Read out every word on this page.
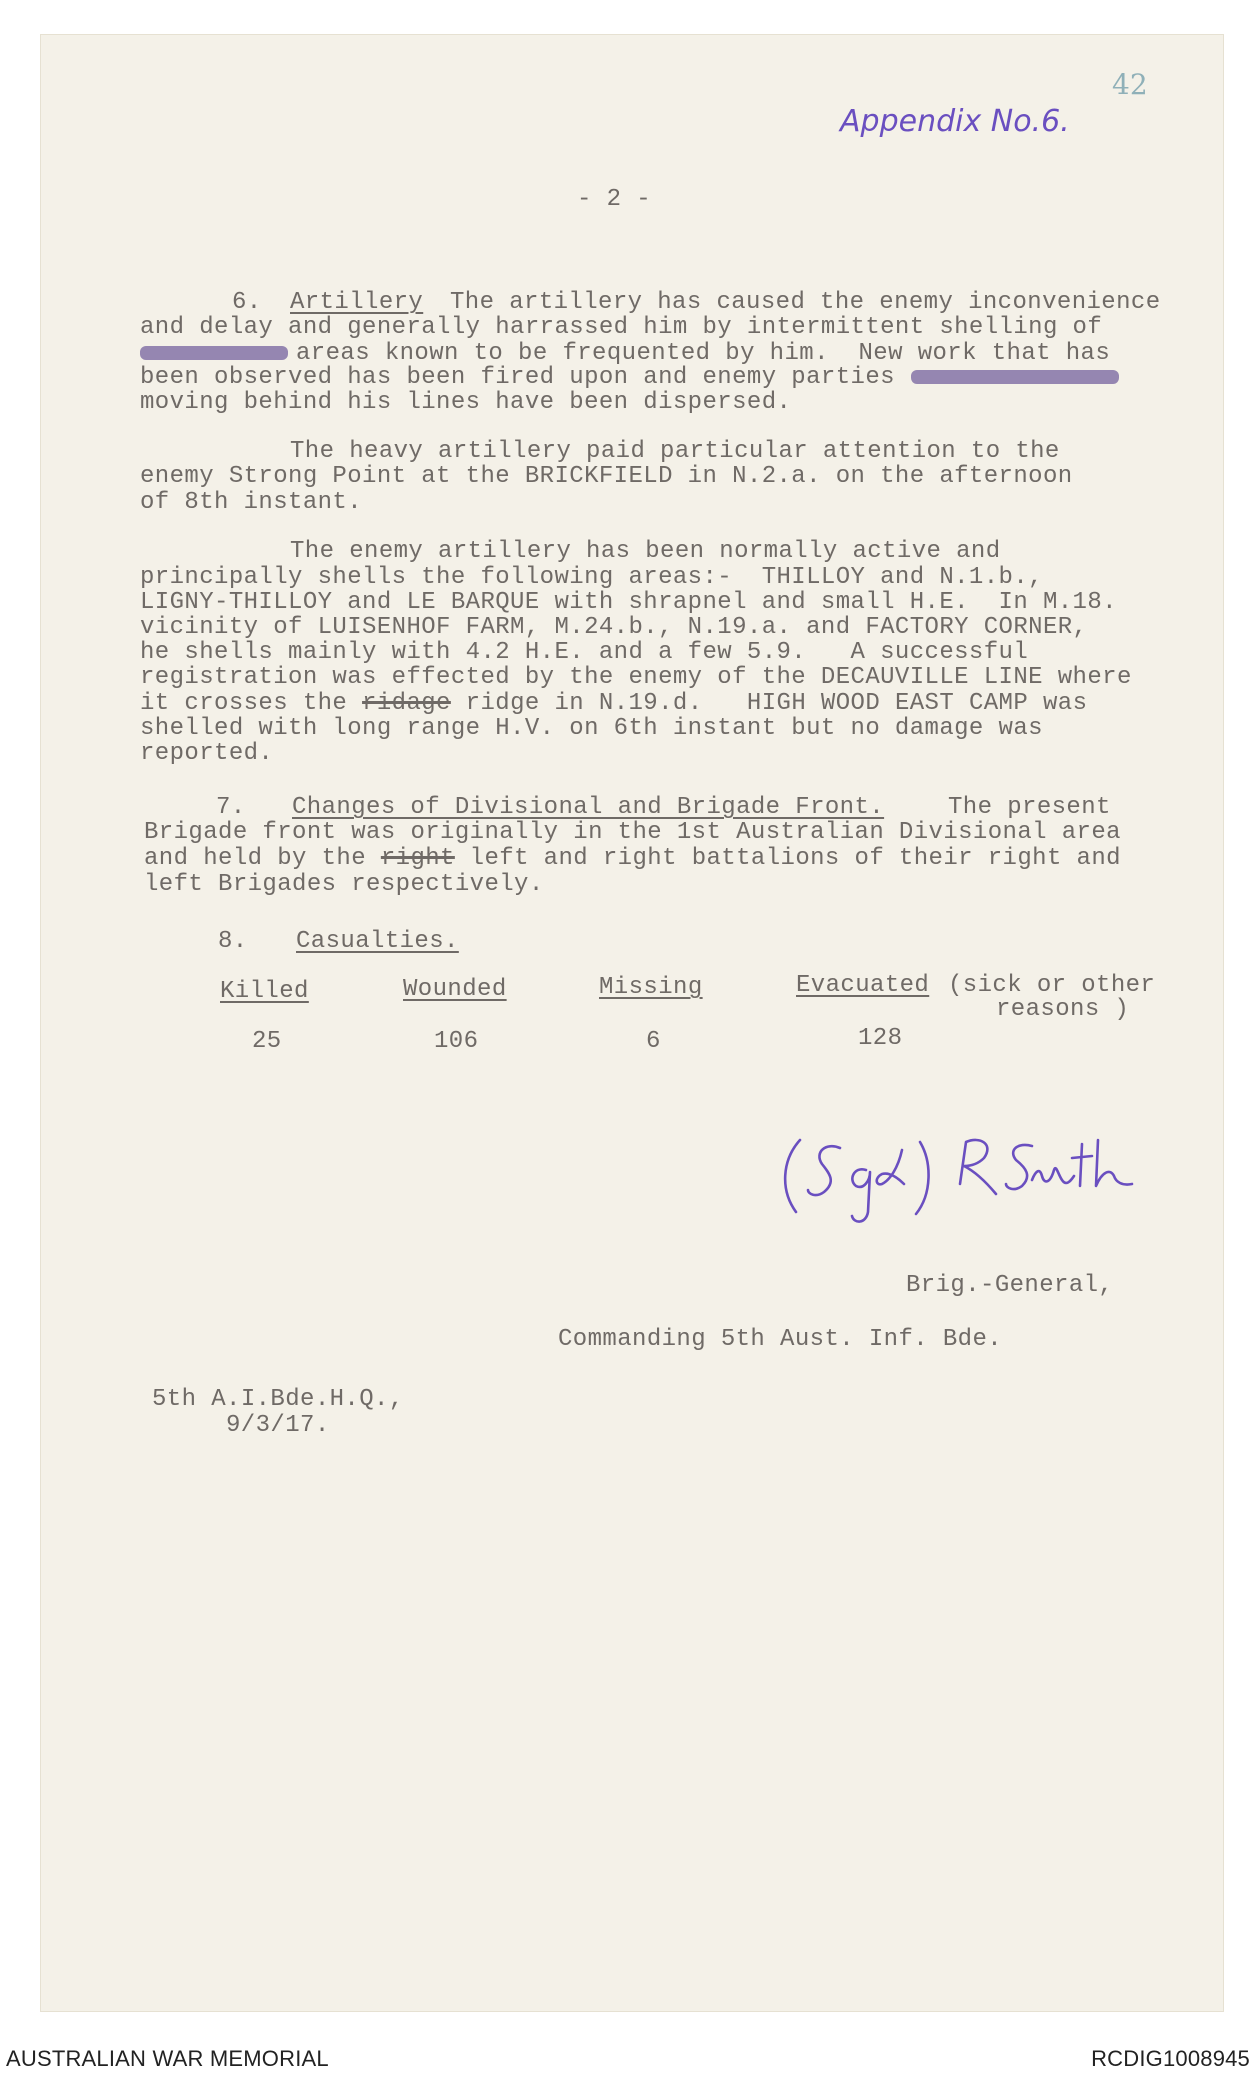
42
Appendix No.6.
- 2 -
6. Artillery The artillery has caused the enemy inconvenience
and delay and generally harrassed him by intermittent shelling of
areas known to be frequented by him.  New work that has
been observed has been fired upon and enemy parties
moving behind his lines have been dispersed.
The heavy artillery paid particular attention to the
enemy Strong Point at the BRICKFIELD in N.2.a. on the afternoon
of 8th instant.
The enemy artillery has been normally active and
principally shells the following areas:-  THILLOY and N.1.b.,
LIGNY-THILLOY and LE BARQUE with shrapnel and small H.E.  In M.18.
vicinity of LUISENHOF FARM, M.24.b., N.19.a. and FACTORY CORNER,
he shells mainly with 4.2 H.E. and a few 5.9.   A successful
registration was effected by the enemy of the DECAUVILLE LINE where
it crosses the ridage ridge in N.19.d.   HIGH WOOD EAST CAMP was
shelled with long range H.V. on 6th instant but no damage was
reported.
7. Changes of Divisional and Brigade Front.	The present
Brigade front was originally in the 1st Australian Divisional area
and held by the right left and right battalions of their right and
left Brigades respectively.
8. Casualties.
Killed	Wounded	Missing	Evacuated (sick or other
reasons )
25	106	6	128
Brig.-General,
Commanding 5th Aust. Inf. Bde.
5th A.I.Bde.H.Q.,
9/3/17.
AUSTRALIAN WAR MEMORIAL	RCDIG1008945
